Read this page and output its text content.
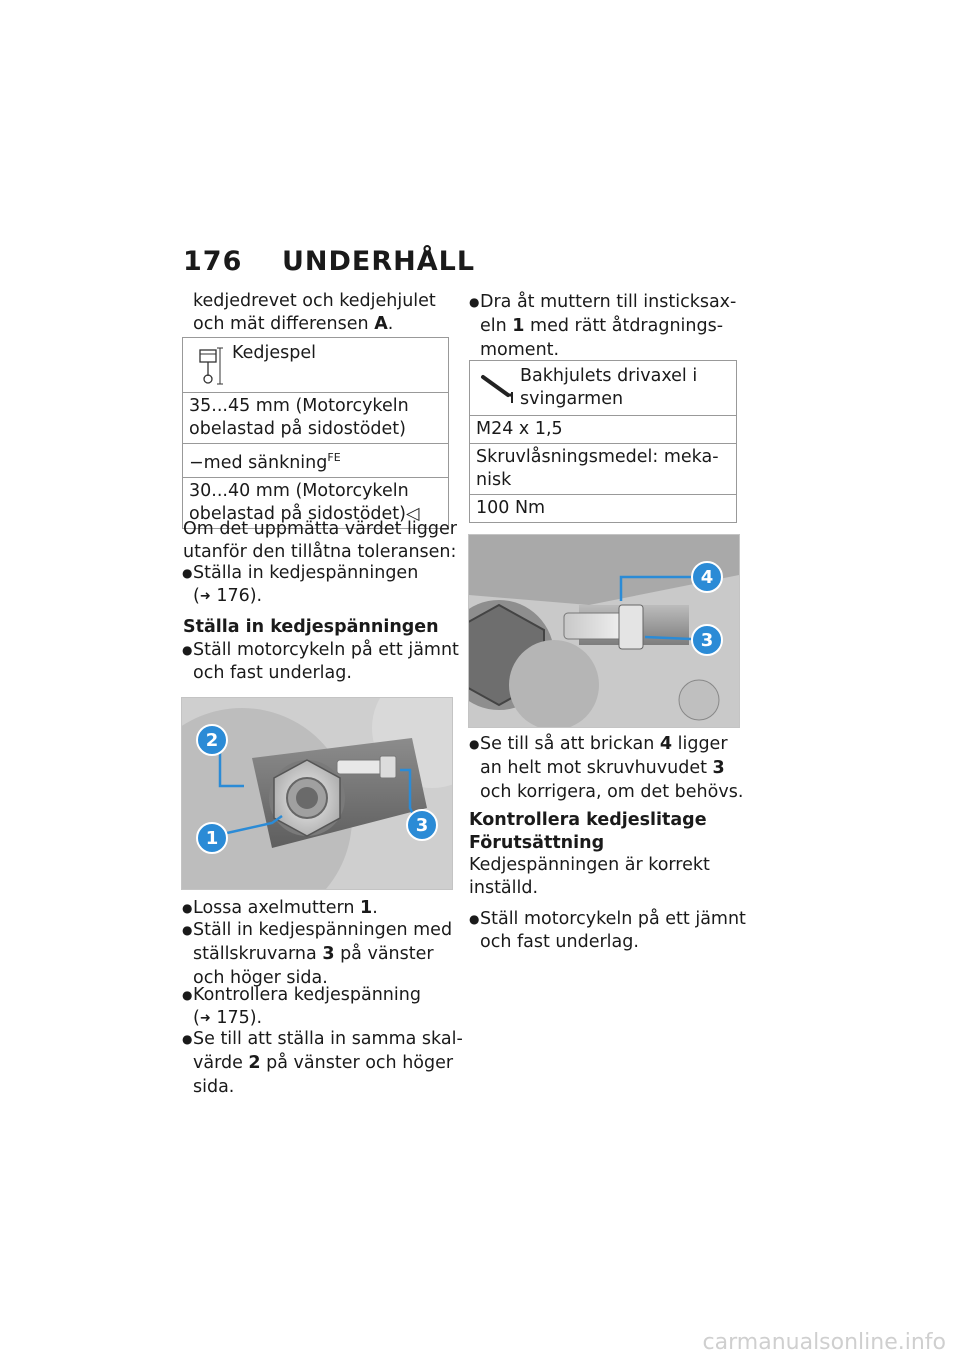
176 UNDERHÅLL
kedjedrevet och kedjehjulet
och mät differensen A.
Kedjespel

35...45 mm (Motorcykeln
obelastad på sidostödet)

−med sänkning$^{FE}$

30...40 mm (Motorcykeln
obelastad på sidostödet)◁
Om det uppmätta värdet ligger
utanför den tillåtna toleransen:
● Ställa in kedjespänningen
(➜ 176).
Ställa in kedjespänningen
● Ställ motorcykeln på ett jämnt
och fast underlag.
2
1
3
● Lossa axelmuttern 1.
● Ställ in kedjespänningen med
ställskruvarna 3 på vänster
och höger sida.
● Kontrollera kedjespänning
(➜ 175).
● Se till att ställa in samma skal-
värde 2 på vänster och höger
sida.
● Dra åt muttern till insticksax-
eln 1 med rätt åtdragnings-
moment.
Bakhjulets drivaxel i
svingarmen

M24 x 1,5

Skruvlåsningsmedel: meka-
nisk

100 Nm
4
3
● Se till så att brickan 4 ligger
an helt mot skruvhuvudet 3
och korrigera, om det behövs.
Kontrollera kedjeslitage
Förutsättning
Kedjespänningen är korrekt
inställd.
● Ställ motorcykeln på ett jämnt
och fast underlag.
carmanualsonline.info
